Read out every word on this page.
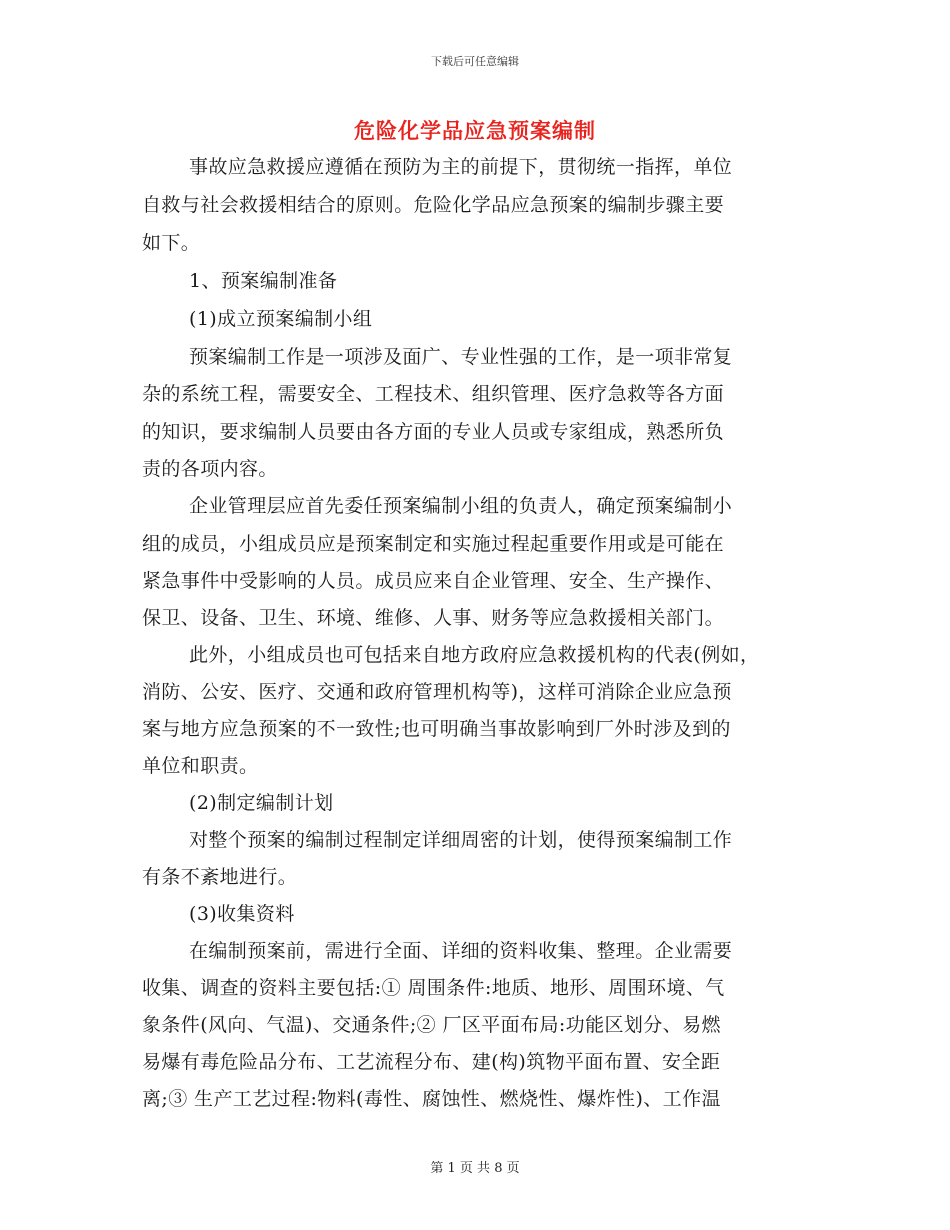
下载后可任意编辑
危险化学品应急预案编制
事故应急救援应遵循在预防为主的前提下，贯彻统一指挥，单位
自救与社会救援相结合的原则。危险化学品应急预案的编制步骤主要
如下。
1、预案编制准备
(1)成立预案编制小组
预案编制工作是一项涉及面广、专业性强的工作，是一项非常复
杂的系统工程，需要安全、工程技术、组织管理、医疗急救等各方面
的知识，要求编制人员要由各方面的专业人员或专家组成，熟悉所负
责的各项内容。
企业管理层应首先委任预案编制小组的负责人，确定预案编制小
组的成员，小组成员应是预案制定和实施过程起重要作用或是可能在
紧急事件中受影响的人员。成员应来自企业管理、安全、生产操作、
保卫、设备、卫生、环境、维修、人事、财务等应急救援相关部门。
此外，小组成员也可包括来自地方政府应急救援机构的代表(例如，
消防、公安、医疗、交通和政府管理机构等)，这样可消除企业应急预
案与地方应急预案的不一致性;也可明确当事故影响到厂外时涉及到的
单位和职责。
(2)制定编制计划
对整个预案的编制过程制定详细周密的计划，使得预案编制工作
有条不紊地进行。
(3)收集资料
在编制预案前，需进行全面、详细的资料收集、整理。企业需要
收集、调查的资料主要包括:① 周围条件:地质、地形、周围环境、气
象条件(风向、气温)、交通条件;② 厂区平面布局:功能区划分、易燃
易爆有毒危险品分布、工艺流程分布、建(构)筑物平面布置、安全距
离;③ 生产工艺过程:物料(毒性、腐蚀性、燃烧性、爆炸性)、工作温
第 1 页 共 8 页
